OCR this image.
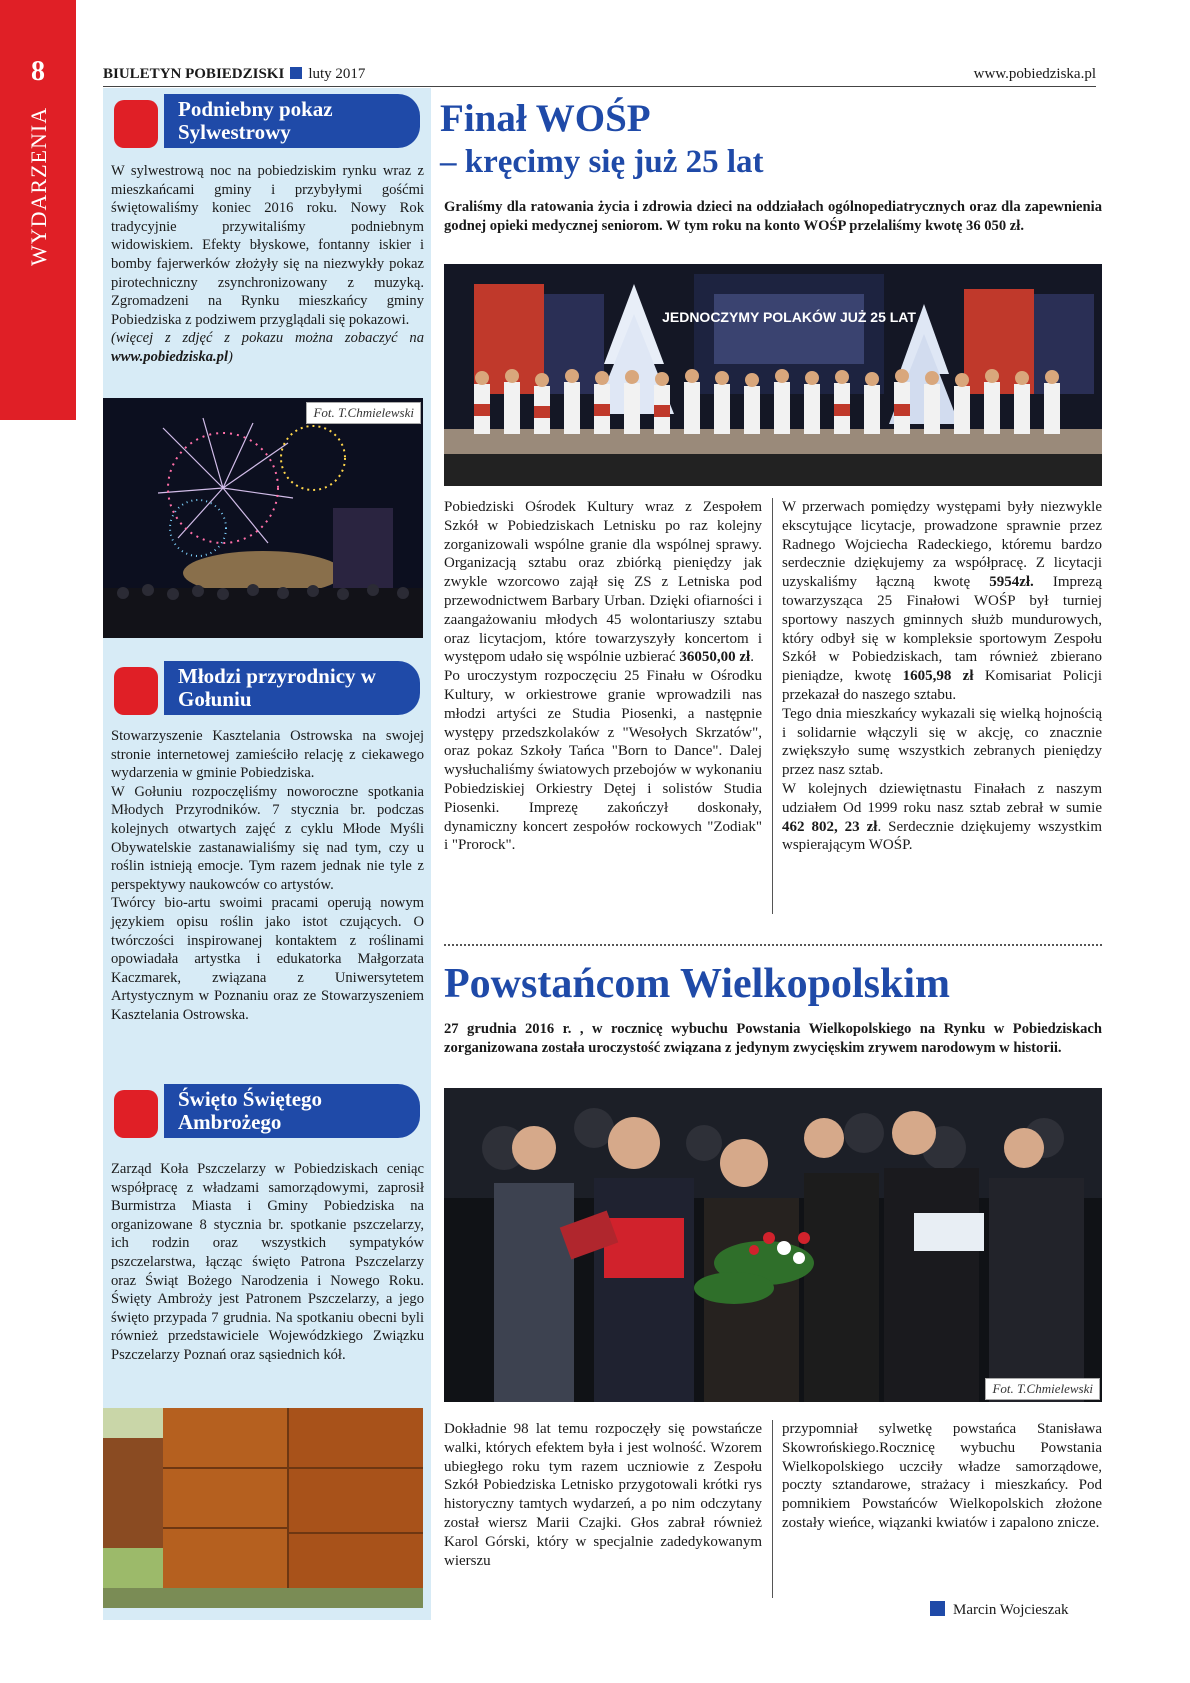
8
WYDARZENIA
BIULETYN POBIEDZISKI luty 2017	www.pobiedziska.pl
Podniebny pokaz Sylwestrowy

W sylwestrową noc na pobiedziskim rynku wraz z mieszkańcami gminy i przybyłymi gośćmi świętowaliśmy koniec 2016 roku. Nowy Rok tradycyjnie przywitaliśmy podniebnym widowiskiem. Efekty błyskowe, fontanny iskier i bomby fajerwerków złożyły się na niezwykły pokaz pirotechniczny zsynchronizowany z muzyką. Zgromadzeni na Rynku mieszkańcy gminy Pobiedziska z podziwem przyglądali się pokazowi.

(więcej z zdjęć z pokazu można zobaczyć na www.pobiedziska.pl)

Fot. T.Chmielewski
Młodzi przyrodnicy w Gołuniu

Stowarzyszenie Kasztelania Ostrowska na swojej stronie internetowej zamieściło relację z ciekawego wydarzenia w gminie Pobiedziska.

W Gołuniu rozpoczęliśmy noworoczne spotkania Młodych Przyrodników. 7 stycznia br. podczas kolejnych otwartych zajęć z cyklu Młode Myśli Obywatelskie zastanawialiśmy się nad tym, czy u roślin istnieją emocje. Tym razem jednak nie tyle z perspektywy naukowców co artystów.

Twórcy bio-artu swoimi pracami operują nowym językiem opisu roślin jako istot czujących. O twórczości inspirowanej kontaktem z roślinami opowiadała artystka i edukatorka Małgorzata Kaczmarek, związana z Uniwersytetem Artystycznym w Poznaniu oraz ze Stowarzyszeniem Kasztelania Ostrowska.

Święto Świętego Ambrożego

Zarząd Koła Pszczelarzy w Pobiedziskach ceniąc współpracę z władzami samorządowymi, zaprosił Burmistrza Miasta i Gminy Pobiedziska na organizowane 8 stycznia br. spotkanie pszczelarzy, ich rodzin oraz wszystkich sympatyków pszczelarstwa, łącząc święto Patrona Pszczelarzy oraz Świąt Bożego Narodzenia i Nowego Roku. Święty Ambroży jest Patronem Pszczelarzy, a jego święto przypada 7 grudnia. Na spotkaniu obecni byli również przedstawiciele Wojewódzkiego Związku Pszczelarzy Poznań oraz sąsiednich kół.

Finał WOŚP
– kręcimy się już 25 lat
Graliśmy dla ratowania życia i zdrowia dzieci na oddziałach ogólnopediatrycznych oraz dla zapewnienia godnej opieki medycznej seniorom. W tym roku na konto WOŚP przelaliśmy kwotę 36 050 zł.
JEDNOCZYMY POLAKÓW JUŻ 25 LAT

Pobiedziski Ośrodek Kultury wraz z Zespołem Szkół w Pobiedziskach Letnisku po raz kolejny zorganizowali wspólne granie dla wspólnej sprawy. Organizacją sztabu oraz zbiórką pieniędzy jak zwykle wzorcowo zajął się ZS z Letniska pod przewodnictwem Barbary Urban. Dzięki ofiarności i zaangażowaniu młodych 45 wolontariuszy sztabu oraz licytacjom, które towarzyszyły koncertom i występom udało się wspólnie uzbierać 36050,00 zł.

Po uroczystym rozpoczęciu 25 Finału w Ośrodku Kultury, w orkiestrowe granie wprowadzili nas młodzi artyści ze Studia Piosenki, a następnie występy przedszkolaków z "Wesołych Skrzatów", oraz pokaz Szkoły Tańca "Born to Dance". Dalej wysłuchaliśmy światowych przebojów w wykonaniu Pobiedziskiej Orkiestry Dętej i solistów Studia Piosenki. Imprezę zakończył doskonały, dynamiczny koncert zespołów rockowych "Zodiak" i "Prorock".

W przerwach pomiędzy występami były niezwykle ekscytujące licytacje, prowadzone sprawnie przez Radnego Wojciecha Radeckiego, któremu bardzo serdecznie dziękujemy za współpracę. Z licytacji uzyskaliśmy łączną kwotę 5954zł. Imprezą towarzysząca 25 Finałowi WOŚP był turniej sportowy naszych gminnych służb mundurowych, który odbył się w kompleksie sportowym Zespołu Szkół w Pobiedziskach, tam również zbierano pieniądze, kwotę 1605,98 zł Komisariat Policji przekazał do naszego sztabu.

Tego dnia mieszkańcy wykazali się wielką hojnością i solidarnie włączyli się w akcję, co znacznie zwiększyło sumę wszystkich zebranych pieniędzy przez nasz sztab.

W kolejnych dziewiętnastu Finałach z naszym udziałem Od 1999 roku nasz sztab zebrał w sumie 462 802, 23 zł. Serdecznie dziękujemy wszystkim wspierającym WOŚP.

Powstańcom Wielkopolskim
27 grudnia 2016 r. , w rocznicę wybuchu Powstania Wielkopolskiego na Rynku w Pobiedziskach zorganizowana została uroczystość związana z jedynym zwycięskim zrywem narodowym w historii.
Fot. T.Chmielewski

Dokładnie 98 lat temu rozpoczęły się powstańcze walki, których efektem była i jest wolność. Wzorem ubiegłego roku tym razem uczniowie z Zespołu Szkół Pobiedziska Letnisko przygotowali krótki rys historyczny tamtych wydarzeń, a po nim odczytany został wiersz Marii Czajki. Głos zabrał również Karol Górski, który w specjalnie zadedykowanym wierszu

przypomniał sylwetkę powstańca Stanisława Skowrońskiego.Rocznicę wybuchu Powstania Wielkopolskiego uczciły władze samorządowe, poczty sztandarowe, strażacy i mieszkańcy. Pod pomnikiem Powstańców Wielkopolskich złożone zostały wieńce, wiązanki kwiatów i zapalono znicze.

Marcin Wojcieszak
